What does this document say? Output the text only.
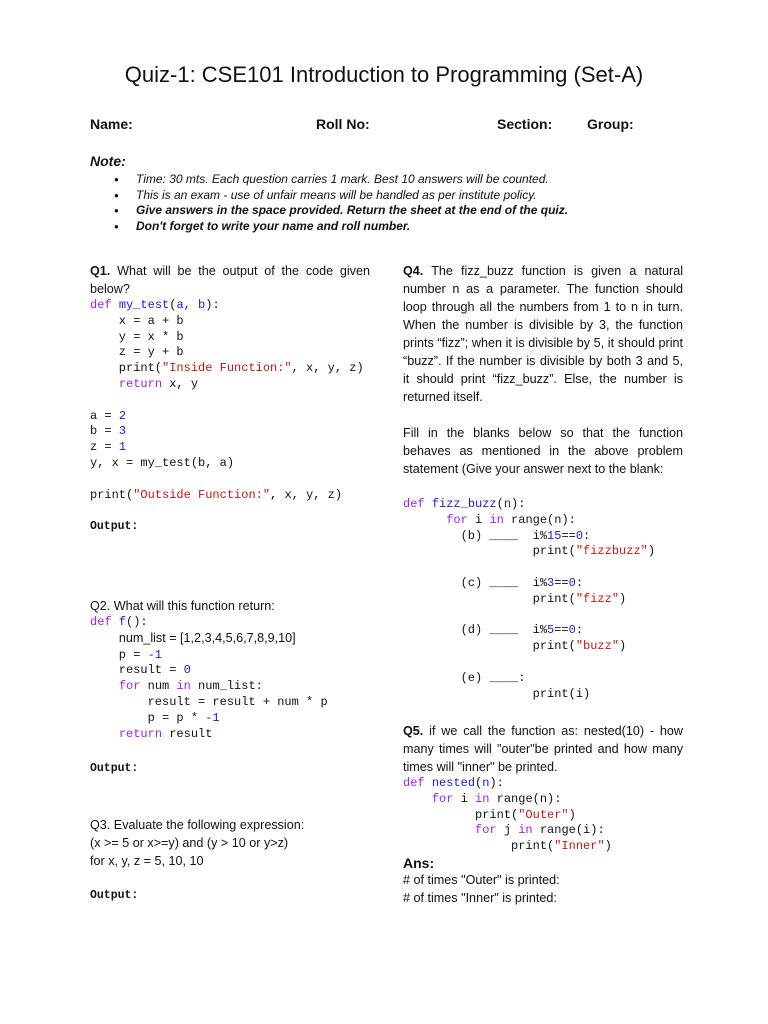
Quiz-1: CSE101 Introduction to Programming (Set-A)
Name:	Roll No:	Section: Group:
Note:
● Time: 30 mts. Each question carries 1 mark. Best 10 answers will be counted.
● This is an exam - use of unfair means will be handled as per institute policy.
● Give answers in the space provided. Return the sheet at the end of the quiz.
● Don't forget to write your name and roll number.

Q1. What will be the output of the code given below?

def my_test(a, b):
x = a + b
y = x * b
z = y + b
print("Inside Function:", x, y, z)
return x, y

a = 2
b = 3
z = 1
y, x = my_test(b, a)

print("Outside Function:", x, y, z)
Output:

Q2. What will this function return:

def f():
num_list = [1,2,3,4,5,6,7,8,9,10]
p = -1
result = 0
for num in num_list:
result = result + num * p
p = p * -1
return result
Output:

Q3. Evaluate the following expression:

(x >= 5 or x>=y) and (y > 10 or y>z)

for x, y, z = 5, 10, 10

Output:

Q4. The fizz_buzz function is given a natural number n as a parameter. The function should loop through all the numbers from 1 to n in turn. When the number is divisible by 3, the function prints “fizz”; when it is divisible by 5, it should print “buzz”. If the number is divisible by both 3 and 5, it should print “fizz_buzz”. Else, the number is returned itself.

Fill in the blanks below so that the function behaves as mentioned in the above problem statement (Give your answer next to the blank:

def fizz_buzz(n):
for i in range(n):
(b) ____  i%15==0:
print("fizzbuzz")

(c) ____  i%3==0:
print("fizz")

(d) ____  i%5==0:
print("buzz")

(e) ____:
print(i)

Q5. if we call the function as: nested(10) - how many times will "outer"be printed and how many times will "inner" be printed.

def nested(n):
for i in range(n):
print("Outer")
for j in range(i):
print("Inner")
Ans:

# of times "Outer" is printed:

# of times "Inner" is printed:
